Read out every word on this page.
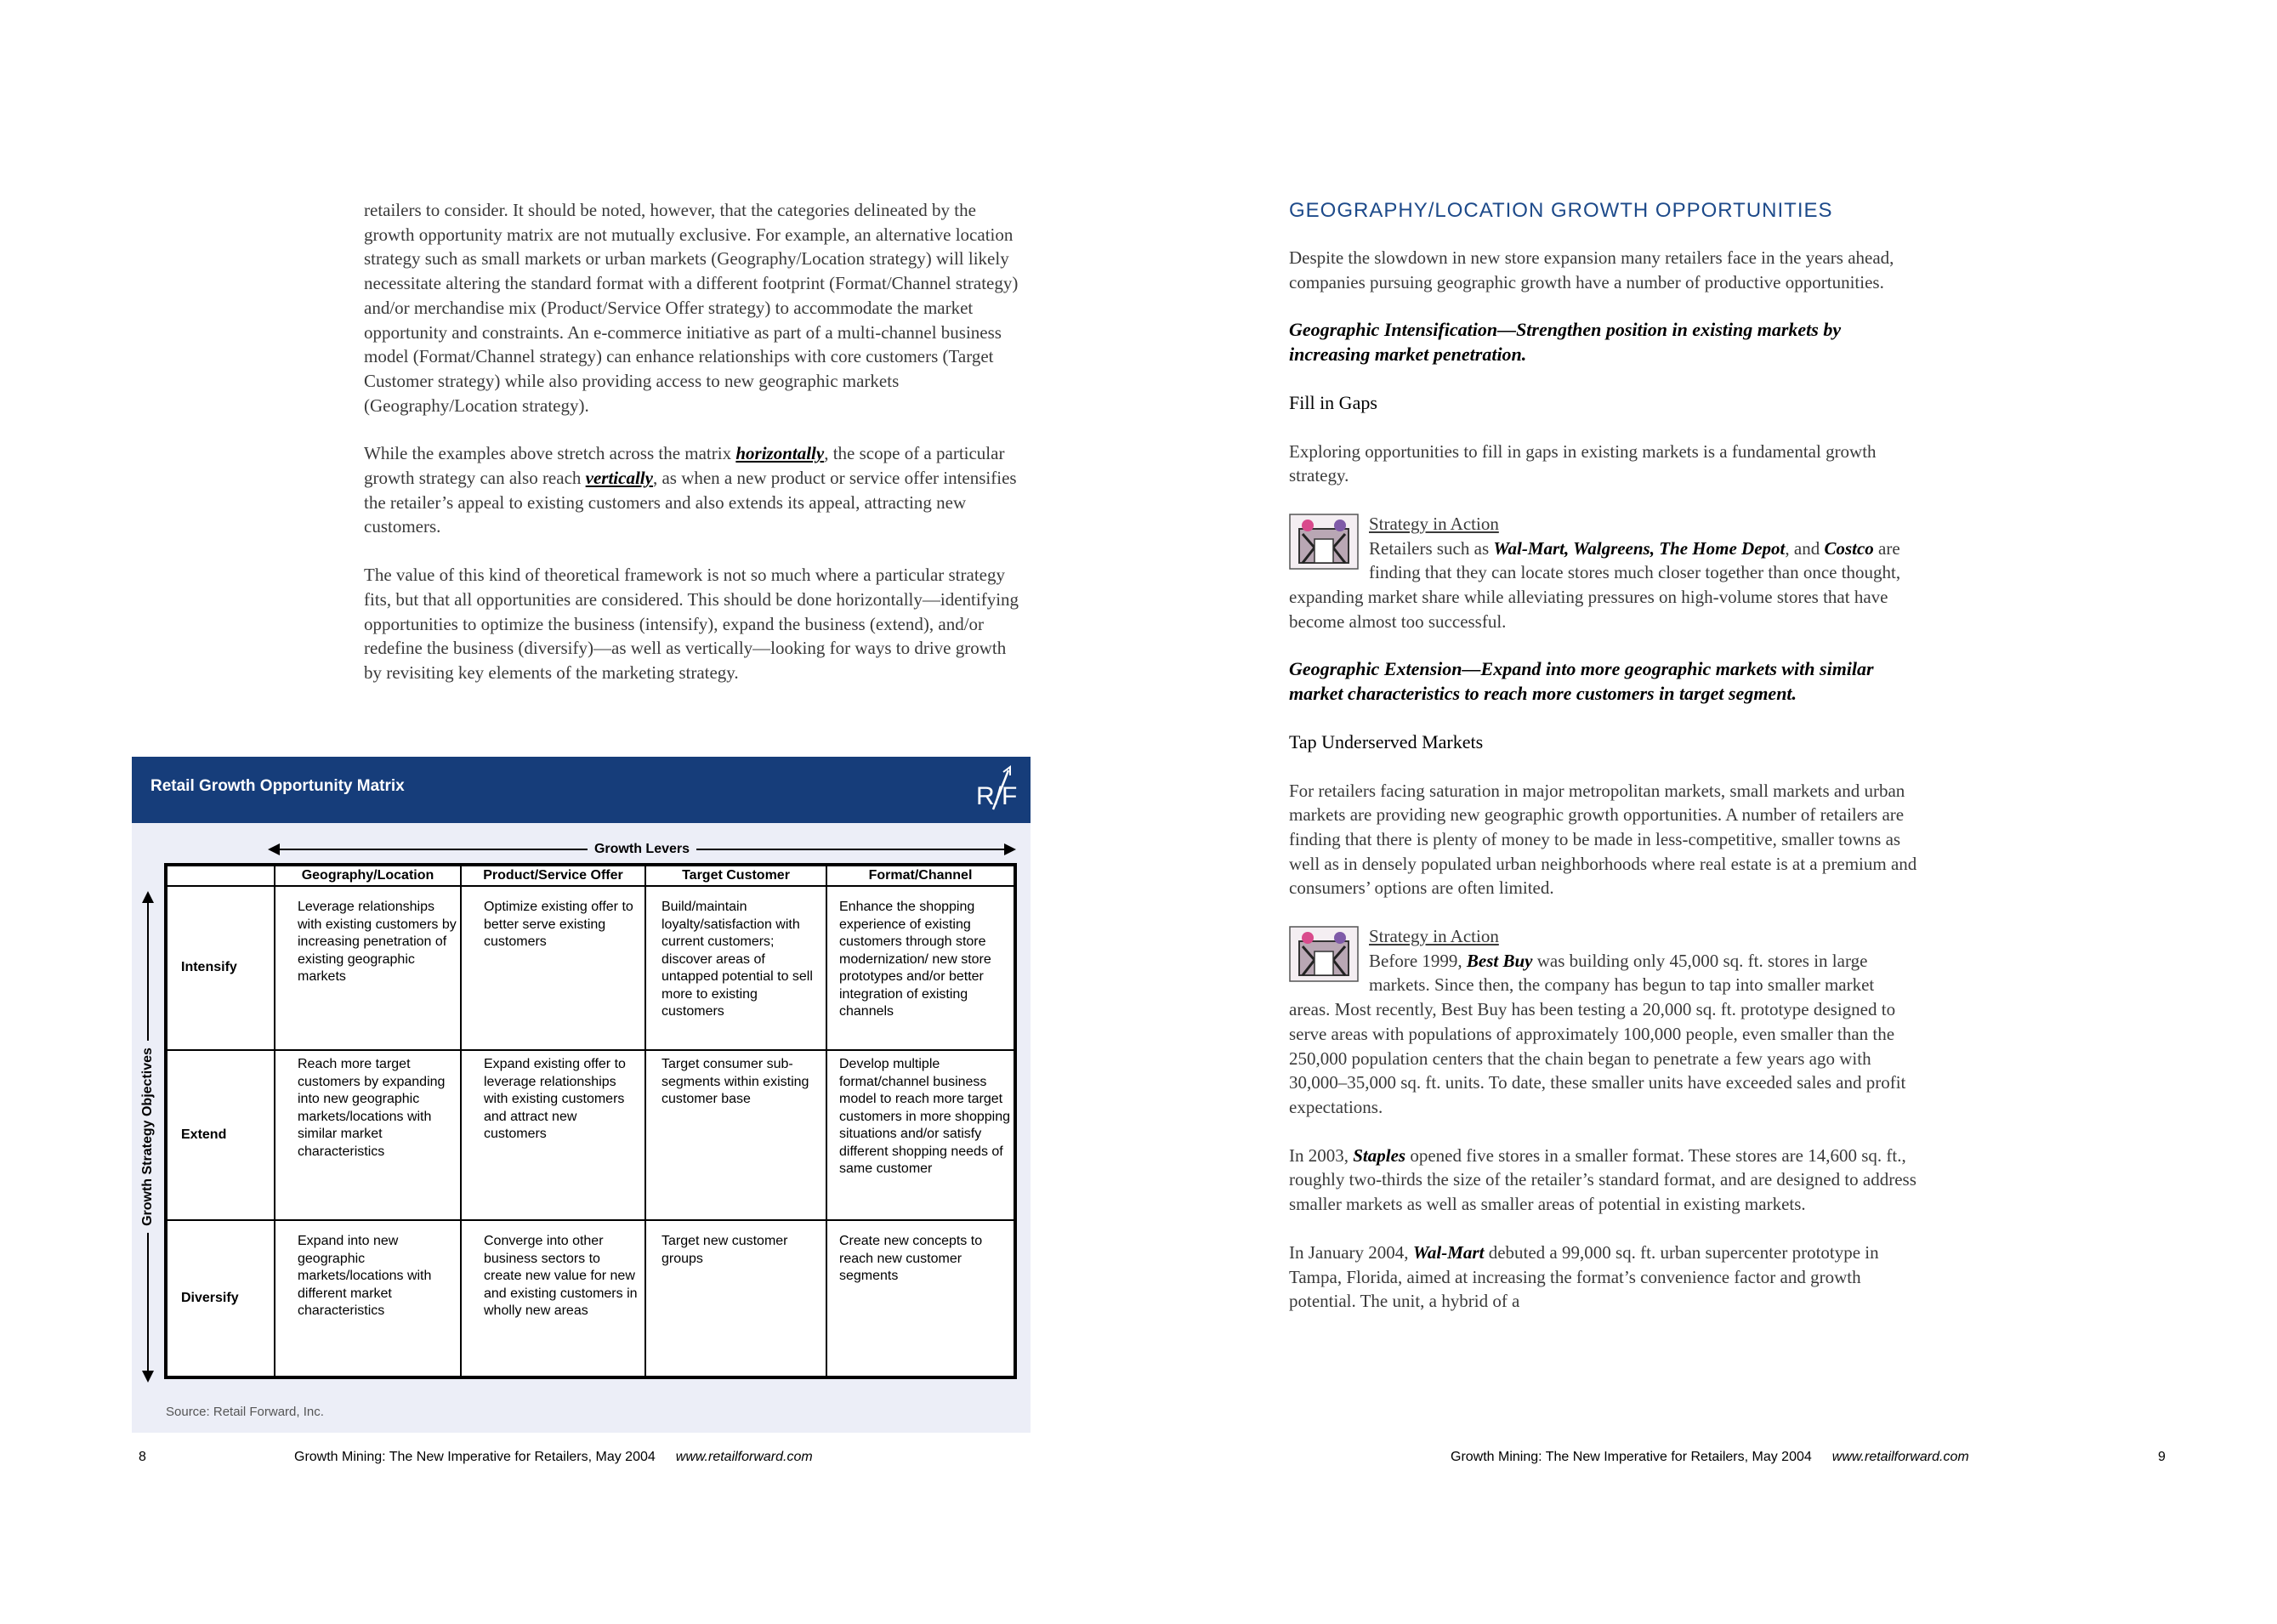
retailers to consider. It should be noted, however, that the categories delineated by the growth opportunity matrix are not mutually exclusive. For example, an alternative location strategy such as small markets or urban markets (Geography/Location strategy) will likely necessitate altering the standard format with a different footprint (Format/Channel strategy) and/or merchandise mix (Product/Service Offer strategy) to accommodate the market opportunity and constraints. An e-commerce initiative as part of a multi-channel business model (Format/Channel strategy) can enhance relationships with core customers (Target Customer strategy) while also providing access to new geographic markets (Geography/Location strategy).

While the examples above stretch across the matrix horizontally, the scope of a particular growth strategy can also reach vertically, as when a new product or service offer intensifies the retailer’s appeal to existing customers and also extends its appeal, attracting new customers.

The value of this kind of theoretical framework is not so much where a particular strategy fits, but that all opportunities are considered. This should be done horizontally—identifying opportunities to optimize the business (intensify), expand the business (extend), and/or redefine the business (diversify)—as well as vertically—looking for ways to drive growth by revisiting key elements of the marketing strategy.

Retail Growth Opportunity Matrix	R/F
Growth Levers
Growth Strategy Objectives
	Geography/Location	Product/Service Offer	Target Customer	Format/Channel
Intensify	Leverage relationships with existing customers by increasing penetration of existing geographic markets	Optimize existing offer to better serve existing customers	Build/maintain loyalty/satisfaction with current customers; discover areas of untapped potential to sell more to existing customers	Enhance the shopping experience of existing customers through store modernization/ new store prototypes and/or better integration of existing channels
Extend	Reach more target customers by expanding into new geographic markets/locations with similar market characteristics	Expand existing offer to leverage relationships with existing customers and attract new customers	Target consumer sub-segments within existing customer base	Develop multiple format/channel business model to reach more target customers in more shopping situations and/or satisfy different shopping needs of same customer
Diversify	Expand into new geographic markets/locations with different market characteristics	Converge into other business sectors to create new value for new and existing customers in wholly new areas	Target new customer groups	Create new concepts to reach new customer segments
Source: Retail Forward, Inc.
8	Growth Mining: The New Imperative for Retailers, May 2004 www.retailforward.com
GEOGRAPHY/LOCATION GROWTH OPPORTUNITIES

Despite the slowdown in new store expansion many retailers face in the years ahead, companies pursuing geographic growth have a number of productive opportunities.

Geographic Intensification—Strengthen position in existing markets by increasing market penetration.

Fill in Gaps

Exploring opportunities to fill in gaps in existing markets is a fundamental growth strategy.

Strategy in Action
Retailers such as Wal-Mart, Walgreens, The Home Depot, and Costco are finding that they can locate stores much closer together than once thought, expanding market share while alleviating pressures on high-volume stores that have become almost too successful.

Geographic Extension—Expand into more geographic markets with similar market characteristics to reach more customers in target segment.

Tap Underserved Markets

For retailers facing saturation in major metropolitan markets, small markets and urban markets are providing new geographic growth opportunities. A number of retailers are finding that there is plenty of money to be made in less-competitive, smaller towns as well as in densely populated urban neighborhoods where real estate is at a premium and consumers’ options are often limited.

Strategy in Action
Before 1999, Best Buy was building only 45,000 sq. ft. stores in large markets. Since then, the company has begun to tap into smaller market areas. Most recently, Best Buy has been testing a 20,000 sq. ft. prototype designed to serve areas with populations of approximately 100,000 people, even smaller than the 250,000 population centers that the chain began to penetrate a few years ago with 30,000–35,000 sq. ft. units. To date, these smaller units have exceeded sales and profit expectations.

In 2003, Staples opened five stores in a smaller format. These stores are 14,600 sq. ft., roughly two-thirds the size of the retailer’s standard format, and are designed to address smaller markets as well as smaller areas of potential in existing markets.

In January 2004, Wal-Mart debuted a 99,000 sq. ft. urban supercenter prototype in Tampa, Florida, aimed at increasing the format’s convenience factor and growth potential. The unit, a hybrid of a

Growth Mining: The New Imperative for Retailers, May 2004 www.retailforward.com	9
